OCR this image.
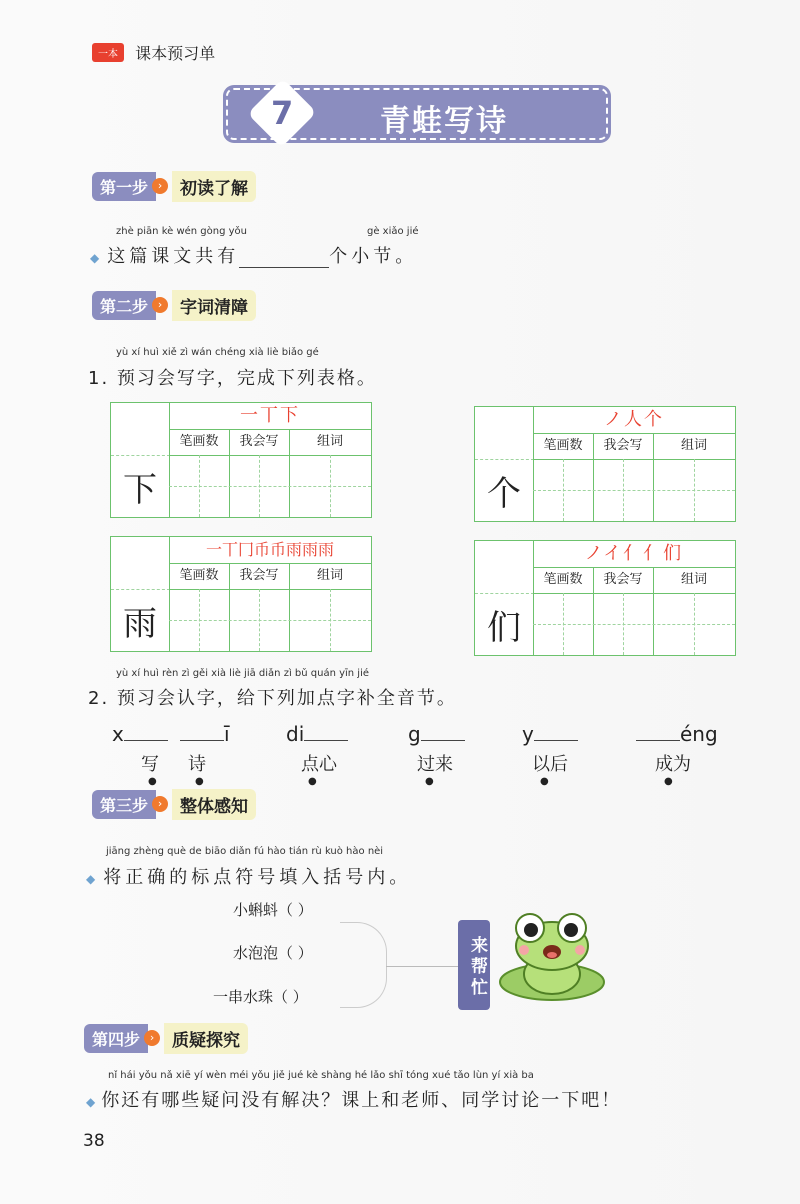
一本 课本预习单
7	青蛙写诗
第一步 ›	初读了解
zhè piān kè wén gòng yǒu	gè xiǎo jié
◆ 这篇课文共有	个小节。
第二步 ›	字词清障
yù xí huì xiě zì wán chéng xià liè biǎo gé
1. 预习会写字，完成下列表格。
下
一丅下
笔画数	我会写	组词
个
ノ人个
笔画数	我会写	组词
雨
一丅冂币币雨雨雨
笔画数	我会写	组词
们
ノイ亻亻们
笔画数	我会写	组词
yù xí huì rèn zì gěi xià liè jiā diǎn zì bǔ quán yīn jié
2. 预习会认字，给下列加点字补全音节。
x	ī	di	g	y	éng
写 诗	点心	过来	以后	成为
●	●	●	●	●	●
第三步 ›	整体感知
jiāng zhèng què de biāo diǎn fú hào tián rù kuò hào nèi
◆ 将正确的标点符号填入括号内。
小蝌蚪（ ）
水泡泡（ ）
一串水珠（ ）	来帮忙
第四步 ›	质疑探究
nǐ hái yǒu nǎ xiē yí wèn méi yǒu jiě jué kè shàng hé lǎo shī tóng xué tǎo lùn yí xià ba
◆ 你还有哪些疑问没有解决？课上和老师、同学讨论一下吧！
38
